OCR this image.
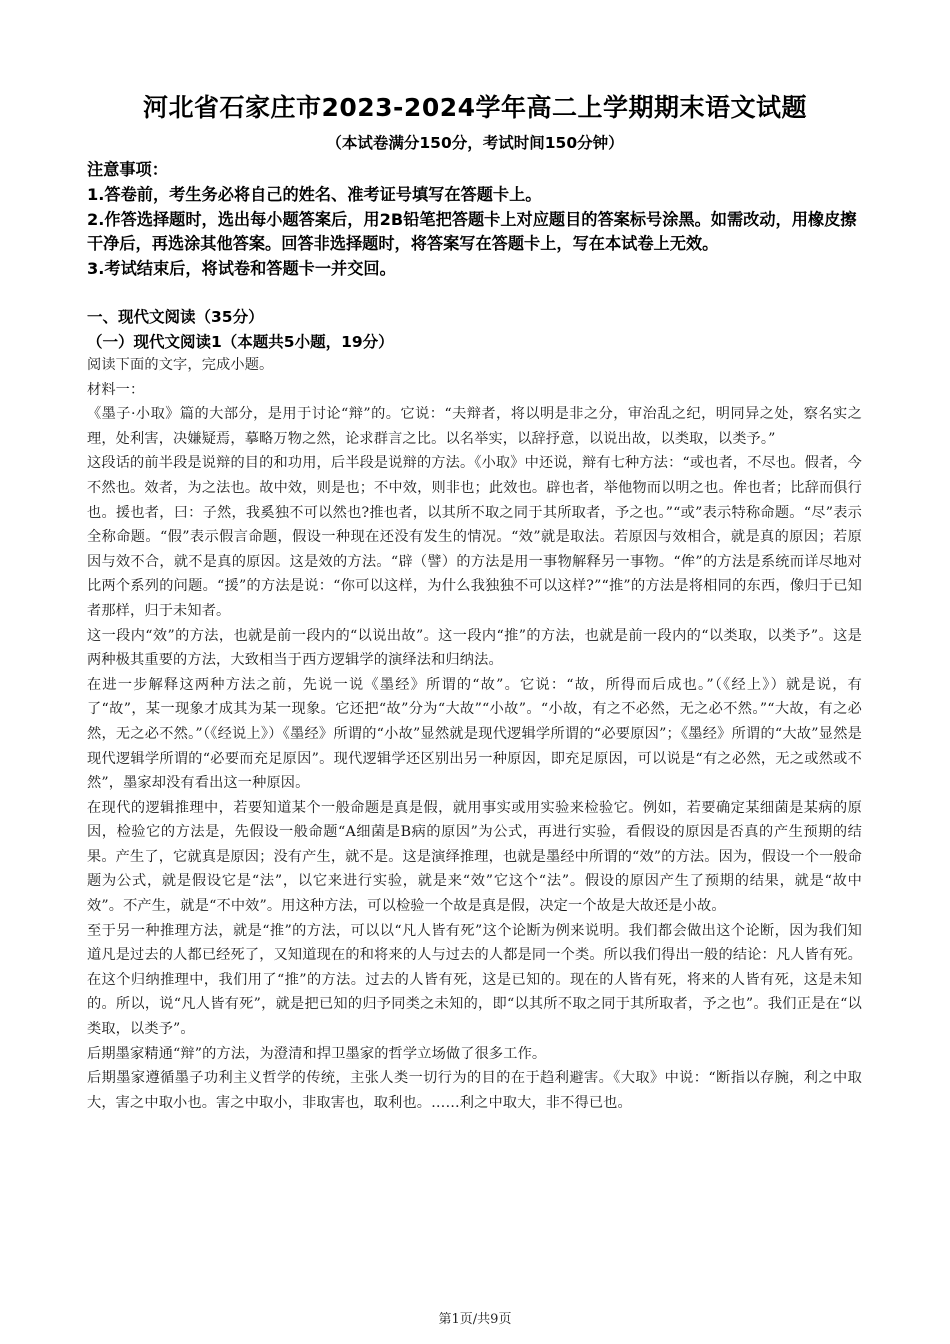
河北省石家庄市2023-2024学年高二上学期期末语文试题
（本试卷满分150分，考试时间150分钟）
注意事项：
1.答卷前，考生务必将自己的姓名、准考证号填写在答题卡上。
2.作答选择题时，选出每小题答案后，用2B铅笔把答题卡上对应题目的答案标号涂黑。如需改动，用橡皮擦干净后，再选涂其他答案。回答非选择题时，将答案写在答题卡上，写在本试卷上无效。
3.考试结束后，将试卷和答题卡一并交回。
一、现代文阅读（35分）
（一）现代文阅读1（本题共5小题，19分）

阅读下面的文字，完成小题。

材料一：

《墨子·小取》篇的大部分，是用于讨论“辩”的。它说：“夫辩者，将以明是非之分，审治乱之纪，明同异之处，察名实之理，处利害，决嫌疑焉，摹略万物之然，论求群言之比。以名举实，以辞抒意，以说出故，以类取，以类予。”

这段话的前半段是说辩的目的和功用，后半段是说辩的方法。《小取》中还说，辩有七种方法：“或也者，不尽也。假者，今不然也。效者，为之法也。故中效，则是也；不中效，则非也；此效也。辟也者，举他物而以明之也。侔也者；比辞而俱行也。援也者，曰：子然，我奚独不可以然也?推也者，以其所不取之同于其所取者，予之也。”“或”表示特称命题。“尽”表示全称命题。“假”表示假言命题，假设一种现在还没有发生的情况。“效”就是取法。若原因与效相合，就是真的原因；若原因与效不合，就不是真的原因。这是效的方法。“辟（譬）的方法是用一事物解释另一事物。“侔”的方法是系统而详尽地对比两个系列的问题。“援”的方法是说：“你可以这样，为什么我独独不可以这样?”“推”的方法是将相同的东西，像归于已知者那样，归于未知者。

这一段内“效”的方法，也就是前一段内的“以说出故”。这一段内“推”的方法，也就是前一段内的“以类取，以类予”。这是两种极其重要的方法，大致相当于西方逻辑学的演绎法和归纳法。

在进一步解释这两种方法之前，先说一说《墨经》所谓的“故”。它说：“故，所得而后成也。”（《经上》）就是说，有了“故”，某一现象才成其为某一现象。它还把“故”分为“大故”“小故”。“小故，有之不必然，无之必不然。”“大故，有之必然，无之必不然。”（《经说上》）《墨经》所谓的“小故”显然就是现代逻辑学所谓的“必要原因”；《墨经》所谓的“大故”显然是现代逻辑学所谓的“必要而充足原因”。现代逻辑学还区别出另一种原因，即充足原因，可以说是“有之必然，无之或然或不然”，墨家却没有看出这一种原因。

在现代的逻辑推理中，若要知道某个一般命题是真是假，就用事实或用实验来检验它。例如，若要确定某细菌是某病的原因，检验它的方法是，先假设一般命题“A细菌是B病的原因”为公式，再进行实验，看假设的原因是否真的产生预期的结果。产生了，它就真是原因；没有产生，就不是。这是演绎推理，也就是墨经中所谓的“效”的方法。因为，假设一个一般命题为公式，就是假设它是“法”，以它来进行实验，就是来“效”它这个“法”。假设的原因产生了预期的结果，就是“故中效”。不产生，就是“不中效”。用这种方法，可以检验一个故是真是假，决定一个故是大故还是小故。

至于另一种推理方法，就是“推”的方法，可以以“凡人皆有死”这个论断为例来说明。我们都会做出这个论断，因为我们知道凡是过去的人都已经死了，又知道现在的和将来的人与过去的人都是同一个类。所以我们得出一般的结论：凡人皆有死。在这个归纳推理中，我们用了“推”的方法。过去的人皆有死，这是已知的。现在的人皆有死，将来的人皆有死，这是未知的。所以，说“凡人皆有死”，就是把已知的归予同类之未知的，即“以其所不取之同于其所取者，予之也”。我们正是在“以类取，以类予”。

后期墨家精通“辩”的方法，为澄清和捍卫墨家的哲学立场做了很多工作。

后期墨家遵循墨子功利主义哲学的传统，主张人类一切行为的目的在于趋利避害。《大取》中说：“断指以存腕，利之中取大，害之中取小也。害之中取小，非取害也，取利也。……利之中取大，非不得已也。

第1页/共9页
